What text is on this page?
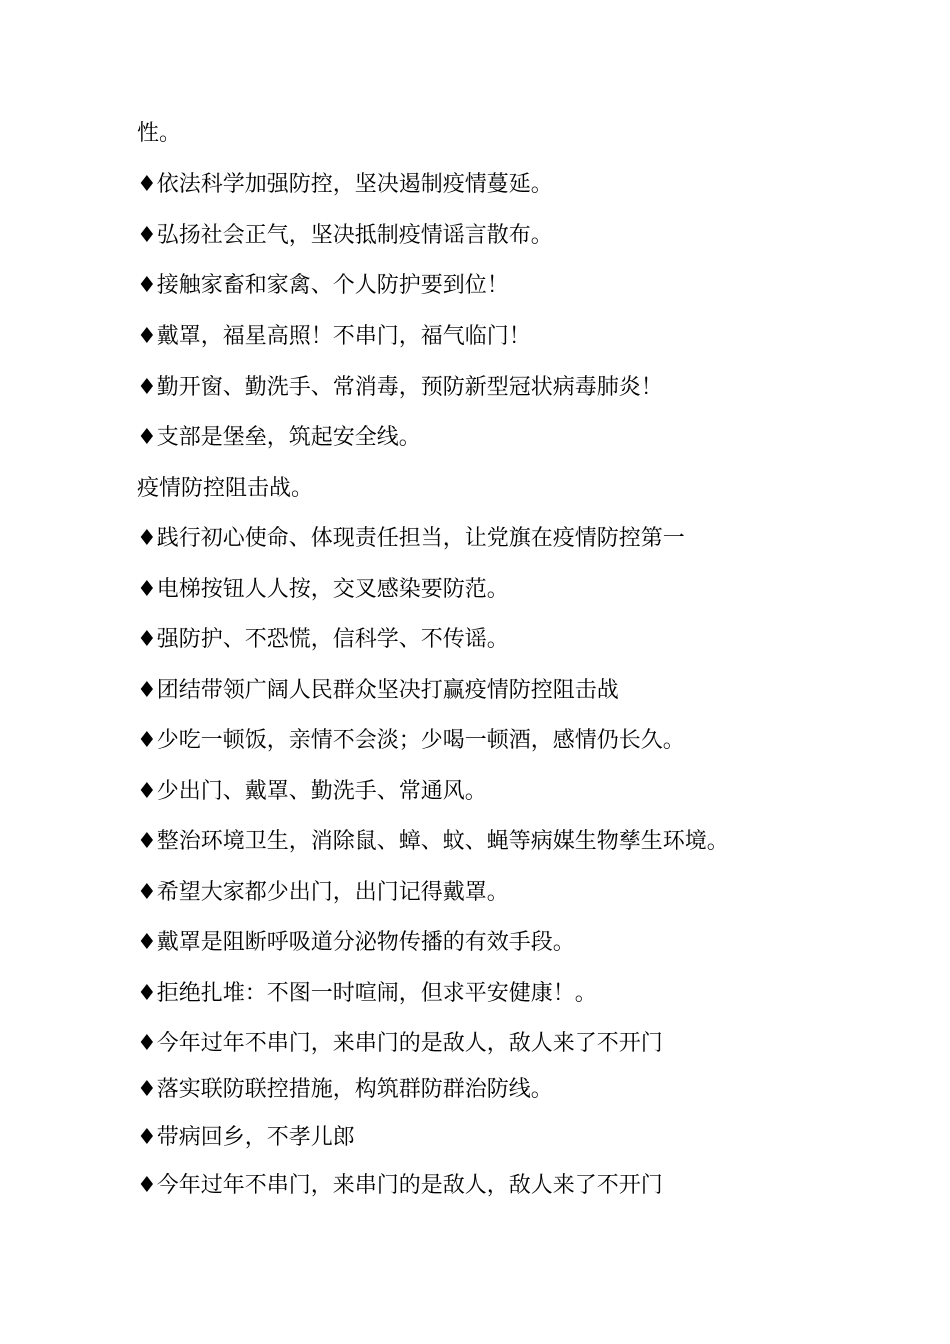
性。

♦依法科学加强防控，坚决遏制疫情蔓延。

♦弘扬社会正气，坚决抵制疫情谣言散布。

♦接触家畜和家禽、个人防护要到位！

♦戴罩，福星高照！不串门，福气临门！

♦勤开窗、勤洗手、常消毒，预防新型冠状病毒肺炎！

♦支部是堡垒，筑起安全线。

疫情防控阻击战。

♦践行初心使命、体现责任担当，让党旗在疫情防控第一

♦电梯按钮人人按，交叉感染要防范。

♦强防护、不恐慌，信科学、不传谣。

♦团结带领广阔人民群众坚决打赢疫情防控阻击战

♦少吃一顿饭，亲情不会淡；少喝一顿酒，感情仍长久。

♦少出门、戴罩、勤洗手、常通风。

♦整治环境卫生，消除鼠、蟑、蚊、蝇等病媒生物孳生环境。

♦希望大家都少出门，出门记得戴罩。

♦戴罩是阻断呼吸道分泌物传播的有效手段。

♦拒绝扎堆：不图一时喧闹，但求平安健康！。

♦今年过年不串门，来串门的是敌人，敌人来了不开门

♦落实联防联控措施，构筑群防群治防线。

♦带病回乡，不孝儿郎

♦今年过年不串门，来串门的是敌人，敌人来了不开门
